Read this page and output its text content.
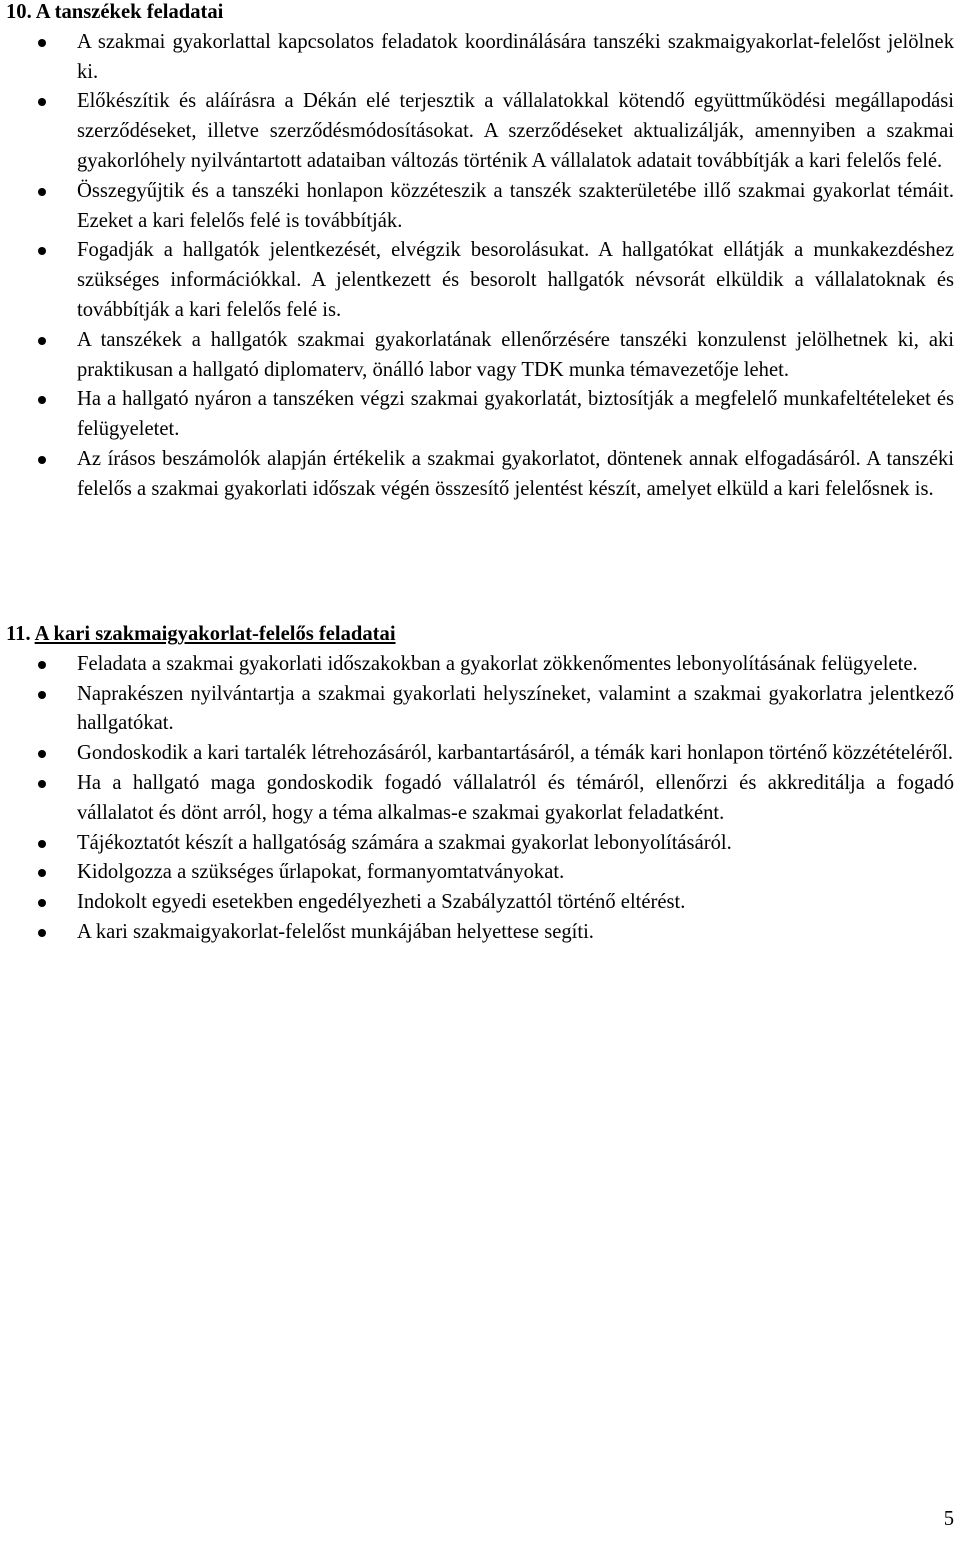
10. A tanszékek feladatai
A szakmai gyakorlattal kapcsolatos feladatok koordinálására tanszéki szakmaigyakorlat-felelőst jelölnek ki.
Előkészítik és aláírásra a Dékán elé terjesztik a vállalatokkal kötendő együttműködési megállapodási szerződéseket, illetve szerződésmódosításokat. A szerződéseket aktualizálják, amennyiben a szakmai gyakorlóhely nyilvántartott adataiban változás történik A vállalatok adatait továbbítják a kari felelős felé.
Összegyűjtik és a tanszéki honlapon közzéteszik a tanszék szakterületébe illő szakmai gyakorlat témáit. Ezeket a kari felelős felé is továbbítják.
Fogadják a hallgatók jelentkezését, elvégzik besorolásukat. A hallgatókat ellátják a munkakezdéshez szükséges információkkal. A jelentkezett és besorolt hallgatók névsorát elküldik a vállalatoknak és továbbítják a kari felelős felé is.
A tanszékek a hallgatók szakmai gyakorlatának ellenőrzésére tanszéki konzulenst jelölhetnek ki, aki praktikusan a hallgató diplomaterv, önálló labor vagy TDK munka témavezetője lehet.
Ha a hallgató nyáron a tanszéken végzi szakmai gyakorlatát, biztosítják a megfelelő munkafeltételeket és felügyeletet.
Az írásos beszámolók alapján értékelik a szakmai gyakorlatot, döntenek annak elfogadásáról. A tanszéki felelős a szakmai gyakorlati időszak végén összesítő jelentést készít, amelyet elküld a kari felelősnek is.
11. A kari szakmaigyakorlat-felelős feladatai
Feladata a szakmai gyakorlati időszakokban a gyakorlat zökkenőmentes lebonyolításának felügyelete.
Naprakészen nyilvántartja a szakmai gyakorlati helyszíneket, valamint a szakmai gyakorlatra jelentkező hallgatókat.
Gondoskodik a kari tartalék létrehozásáról, karbantartásáról, a témák kari honlapon történő közzétételéről.
Ha a hallgató maga gondoskodik fogadó vállalatról és témáról, ellenőrzi és akkreditálja a fogadó vállalatot és dönt arról, hogy a téma alkalmas-e szakmai gyakorlat feladatként.
Tájékoztatót készít a hallgatóság számára a szakmai gyakorlat lebonyolításáról.
Kidolgozza a szükséges űrlapokat, formanyomtatványokat.
Indokolt egyedi esetekben engedélyezheti a Szabályzattól történő eltérést.
A kari szakmaigyakorlat-felelőst munkájában helyettese segíti.
5
